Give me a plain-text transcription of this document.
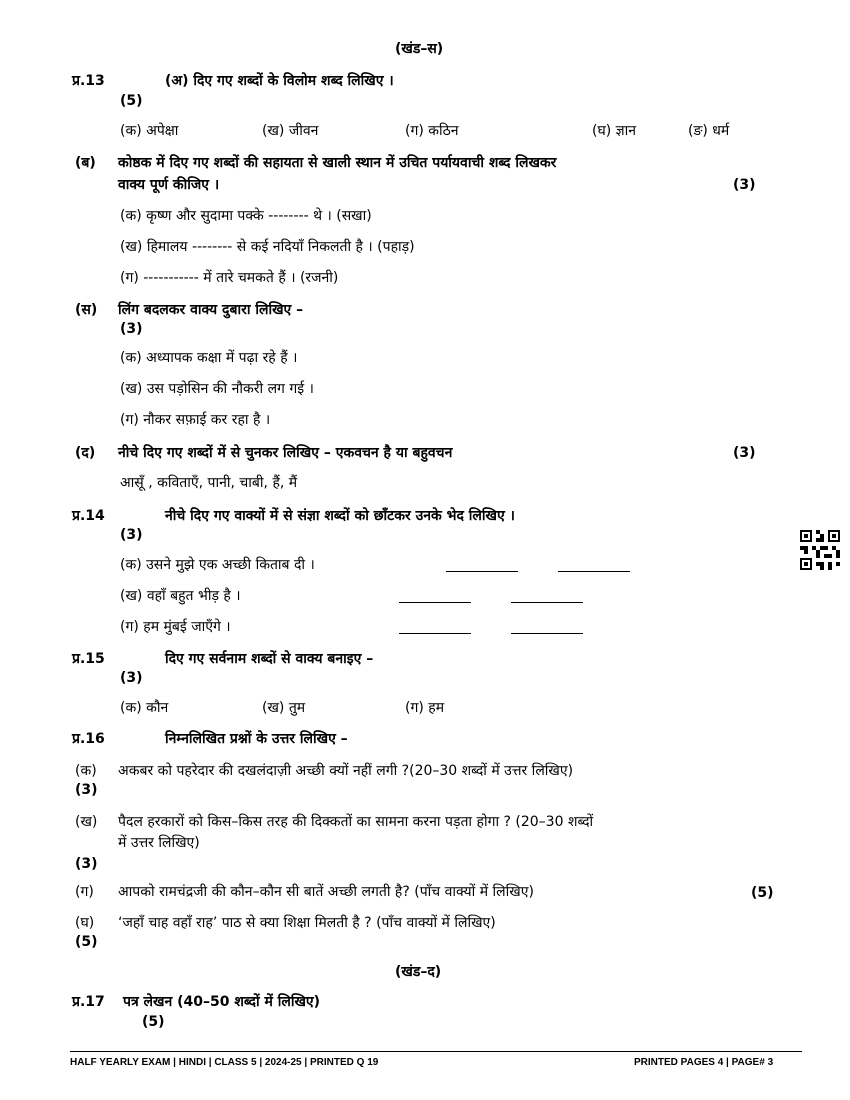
(खंड–स)
प्र.13	(अ) दिए गए शब्दों के विलोम शब्द लिखिए ।
(5)
(क) अपेक्षा	(ख) जीवन	(ग) कठिन	(घ) ज्ञान	(ङ) धर्म
(ब) कोष्ठक में दिए गए शब्दों की सहायता से खाली स्थान में उचित पर्यायवाची शब्द लिखकर
वाक्य पूर्ण कीजिए ।	(3)
(क) कृष्ण और सुदामा पक्के -------- थे । (सखा)
(ख) हिमालय -------- से कई नदियाँ निकलती है । (पहाड़)
(ग) ----------- में तारे चमकते हैं । (रजनी)
(स) लिंग बदलकर वाक्य दुबारा लिखिए –
(3)
(क) अध्यापक कक्षा में पढ़ा रहे हैं ।
(ख) उस पड़ोसिन की नौकरी लग गई ।
(ग) नौकर सफ़ाई कर रहा है ।
(द) नीचे दिए गए शब्दों में से चुनकर लिखिए – एकवचन है या बहुवचन	(3)
आसूँ , कविताएँ, पानी, चाबी, हैं, मैं
प्र.14	नीचे दिए गए वाक्यों में से संज्ञा शब्दों को छाँटकर उनके भेद लिखिए ।
(3)
(क) उसने मुझे एक अच्छी किताब दी ।
(ख) वहाँ बहुत भीड़ है ।
(ग) हम मुंबई जाएँगे ।
प्र.15	दिए गए सर्वनाम शब्दों से वाक्य बनाइए –
(3)
(क) कौन	(ख) तुम	(ग) हम
प्र.16	निम्नलिखित प्रश्नों के उत्तर लिखिए –
(क) अकबर को पहरेदार की दखलंदाज़ी अच्छी क्यों नहीं लगी ?(20–30 शब्दों में उत्तर लिखिए)
(3)
(ख) पैदल हरकारों को किस–किस तरह की दिक्कतों का सामना करना पड़ता होगा ? (20–30 शब्दों
में उत्तर लिखिए)
(3)
(ग) आपको रामचंद्रजी की कौन–कौन सी बातें अच्छी लगती है? (पाँच वाक्यों में लिखिए)	(5)
(घ) ‘जहाँ चाह वहाँ राह’ पाठ से क्या शिक्षा मिलती है ? (पाँच वाक्यों में लिखिए)
(5)
(खंड–द)
प्र.17 पत्र लेखन (40–50 शब्दों में लिखिए)
(5)
HALF YEARLY EXAM | HINDI | CLASS 5 | 2024-25 | PRINTED Q 19	PRINTED PAGES 4 | PAGE# 3
